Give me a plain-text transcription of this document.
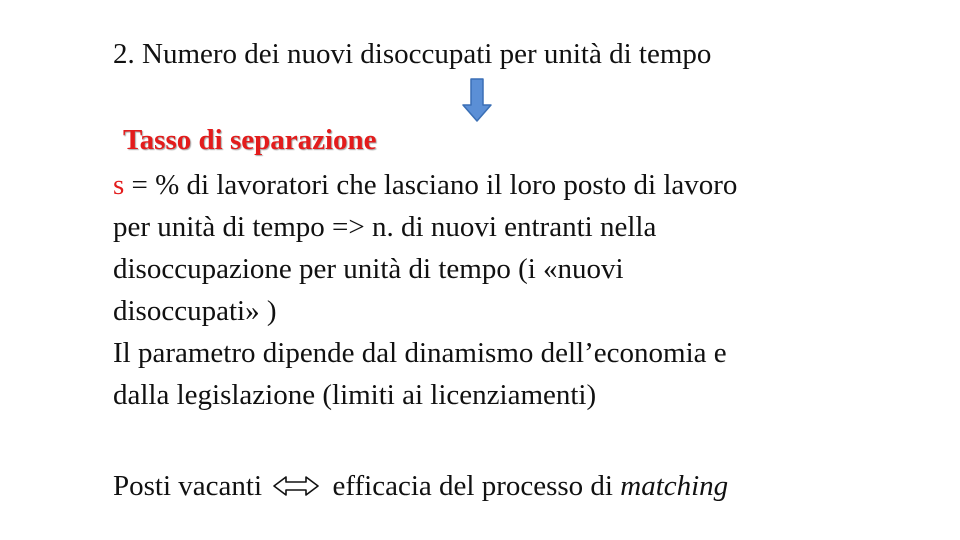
2. Numero dei nuovi disoccupati per unità di tempo
Tasso di separazione
s = % di lavoratori che lasciano il loro posto di lavoro
per unità di tempo => n. di nuovi entranti nella
disoccupazione per unità di tempo (i «nuovi
disoccupati» )
Il parametro dipende dal dinamismo dell’economia e
dalla legislazione (limiti ai licenziamenti)
Posti vacanti efficacia del processo di matching
